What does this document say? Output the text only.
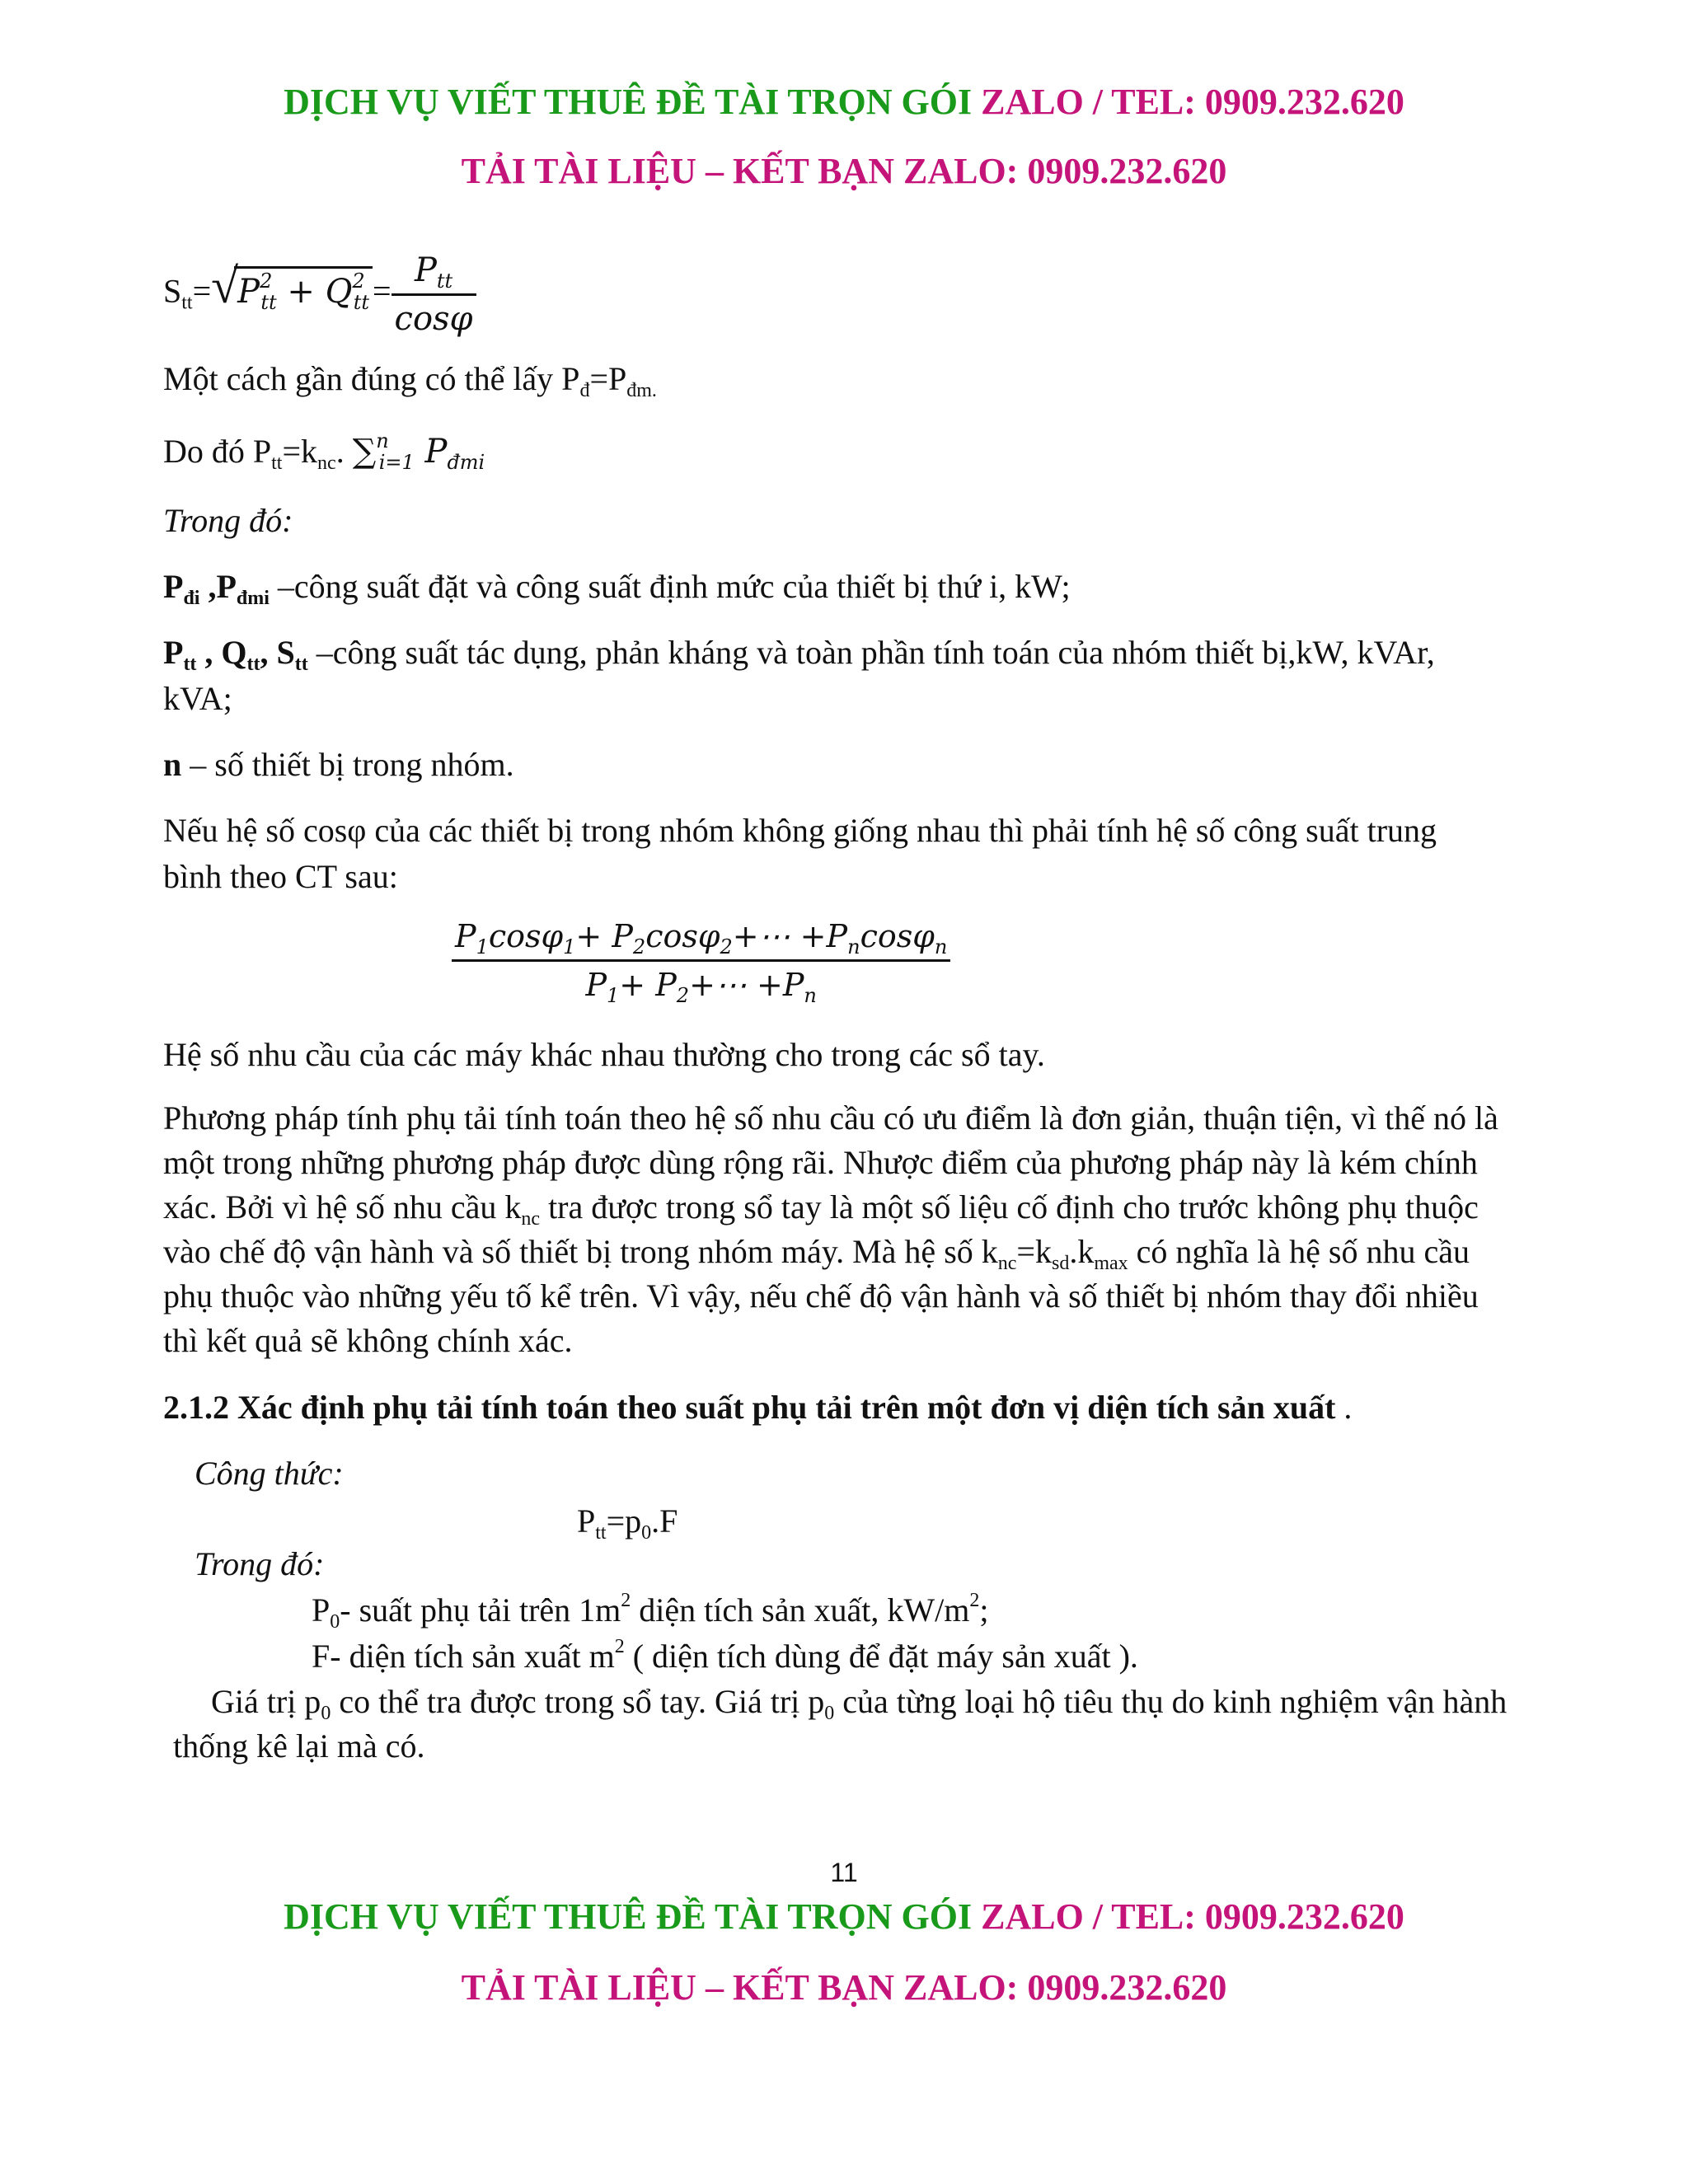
DỊCH VỤ VIẾT THUÊ ĐỀ TÀI TRỌN GÓI ZALO / TEL: 0909.232.620
TẢI TÀI LIỆU – KẾT BẠN ZALO: 0909.232.620
$S_{tt}=$ √ $P^2_{tt} + Q^2_{tt} = \frac{P_{tt}}{\cos\varphi}$
Một cách gần đúng có thể lấy $P_đ=P_{đm.}$
Do đó $P_{tt}=k_{nc}$. ∑$^n_{i=1}$ $P_{đmi}$
Trong đó:
$P_{đi}$ $,P_{đmi}$ –công suất đặt và công suất định mức của thiết bị thứ i, kW;
$P_{tt}$ , $Q_{tt}$, $S_{tt}$ –công suất tác dụng, phản kháng và toàn phần tính toán của nhóm thiết bị,kW, kVAr, kVA;
n – số thiết bị trong nhóm.
Nếu hệ số cosφ của các thiết bị trong nhóm không giống nhau thì phải tính hệ số công suất trung bình theo CT sau:
$\frac{P_1\cos\varphi_1+ P_2\cos\varphi_2+\cdots +P_n\cos\varphi_n}{P_1+ P_2+\cdots +P_n}$
Hệ số nhu cầu của các máy khác nhau thường cho trong các sổ tay.
Phương pháp tính phụ tải tính toán theo hệ số nhu cầu có ưu điểm là đơn giản, thuận tiện, vì thế nó là một trong những phương pháp được dùng rộng rãi. Nhược điểm của phương pháp này là kém chính xác. Bởi vì hệ số nhu cầu $k_{nc}$ tra được trong sổ tay là một số liệu cố định cho trước không phụ thuộc vào chế độ vận hành và số thiết bị trong nhóm máy. Mà hệ số $k_{nc}=k_{sd}.k_{max}$ có nghĩa là hệ số nhu cầu phụ thuộc vào những yếu tố kể trên. Vì vậy, nếu chế độ vận hành và số thiết bị nhóm thay đổi nhiều thì kết quả sẽ không chính xác.
2.1.2 Xác định phụ tải tính toán theo suất phụ tải trên một đơn vị diện tích sản xuất .
Công thức:
$P_{tt}=p_0.F$
Trong đó:
$P_0-$ suất phụ tải trên $1m^2$ diện tích sản xuất, $kW/m^2$;
F- diện tích sản xuất $m^2$ ( diện tích dùng để đặt máy sản xuất ).
Giá trị $p_0$ co thể tra được trong sổ tay. Giá trị $p_0$ của từng loại hộ tiêu thụ do kinh nghiệm vận hành thống kê lại mà có.
11
DỊCH VỤ VIẾT THUÊ ĐỀ TÀI TRỌN GÓI ZALO / TEL: 0909.232.620
TẢI TÀI LIỆU – KẾT BẠN ZALO: 0909.232.620
